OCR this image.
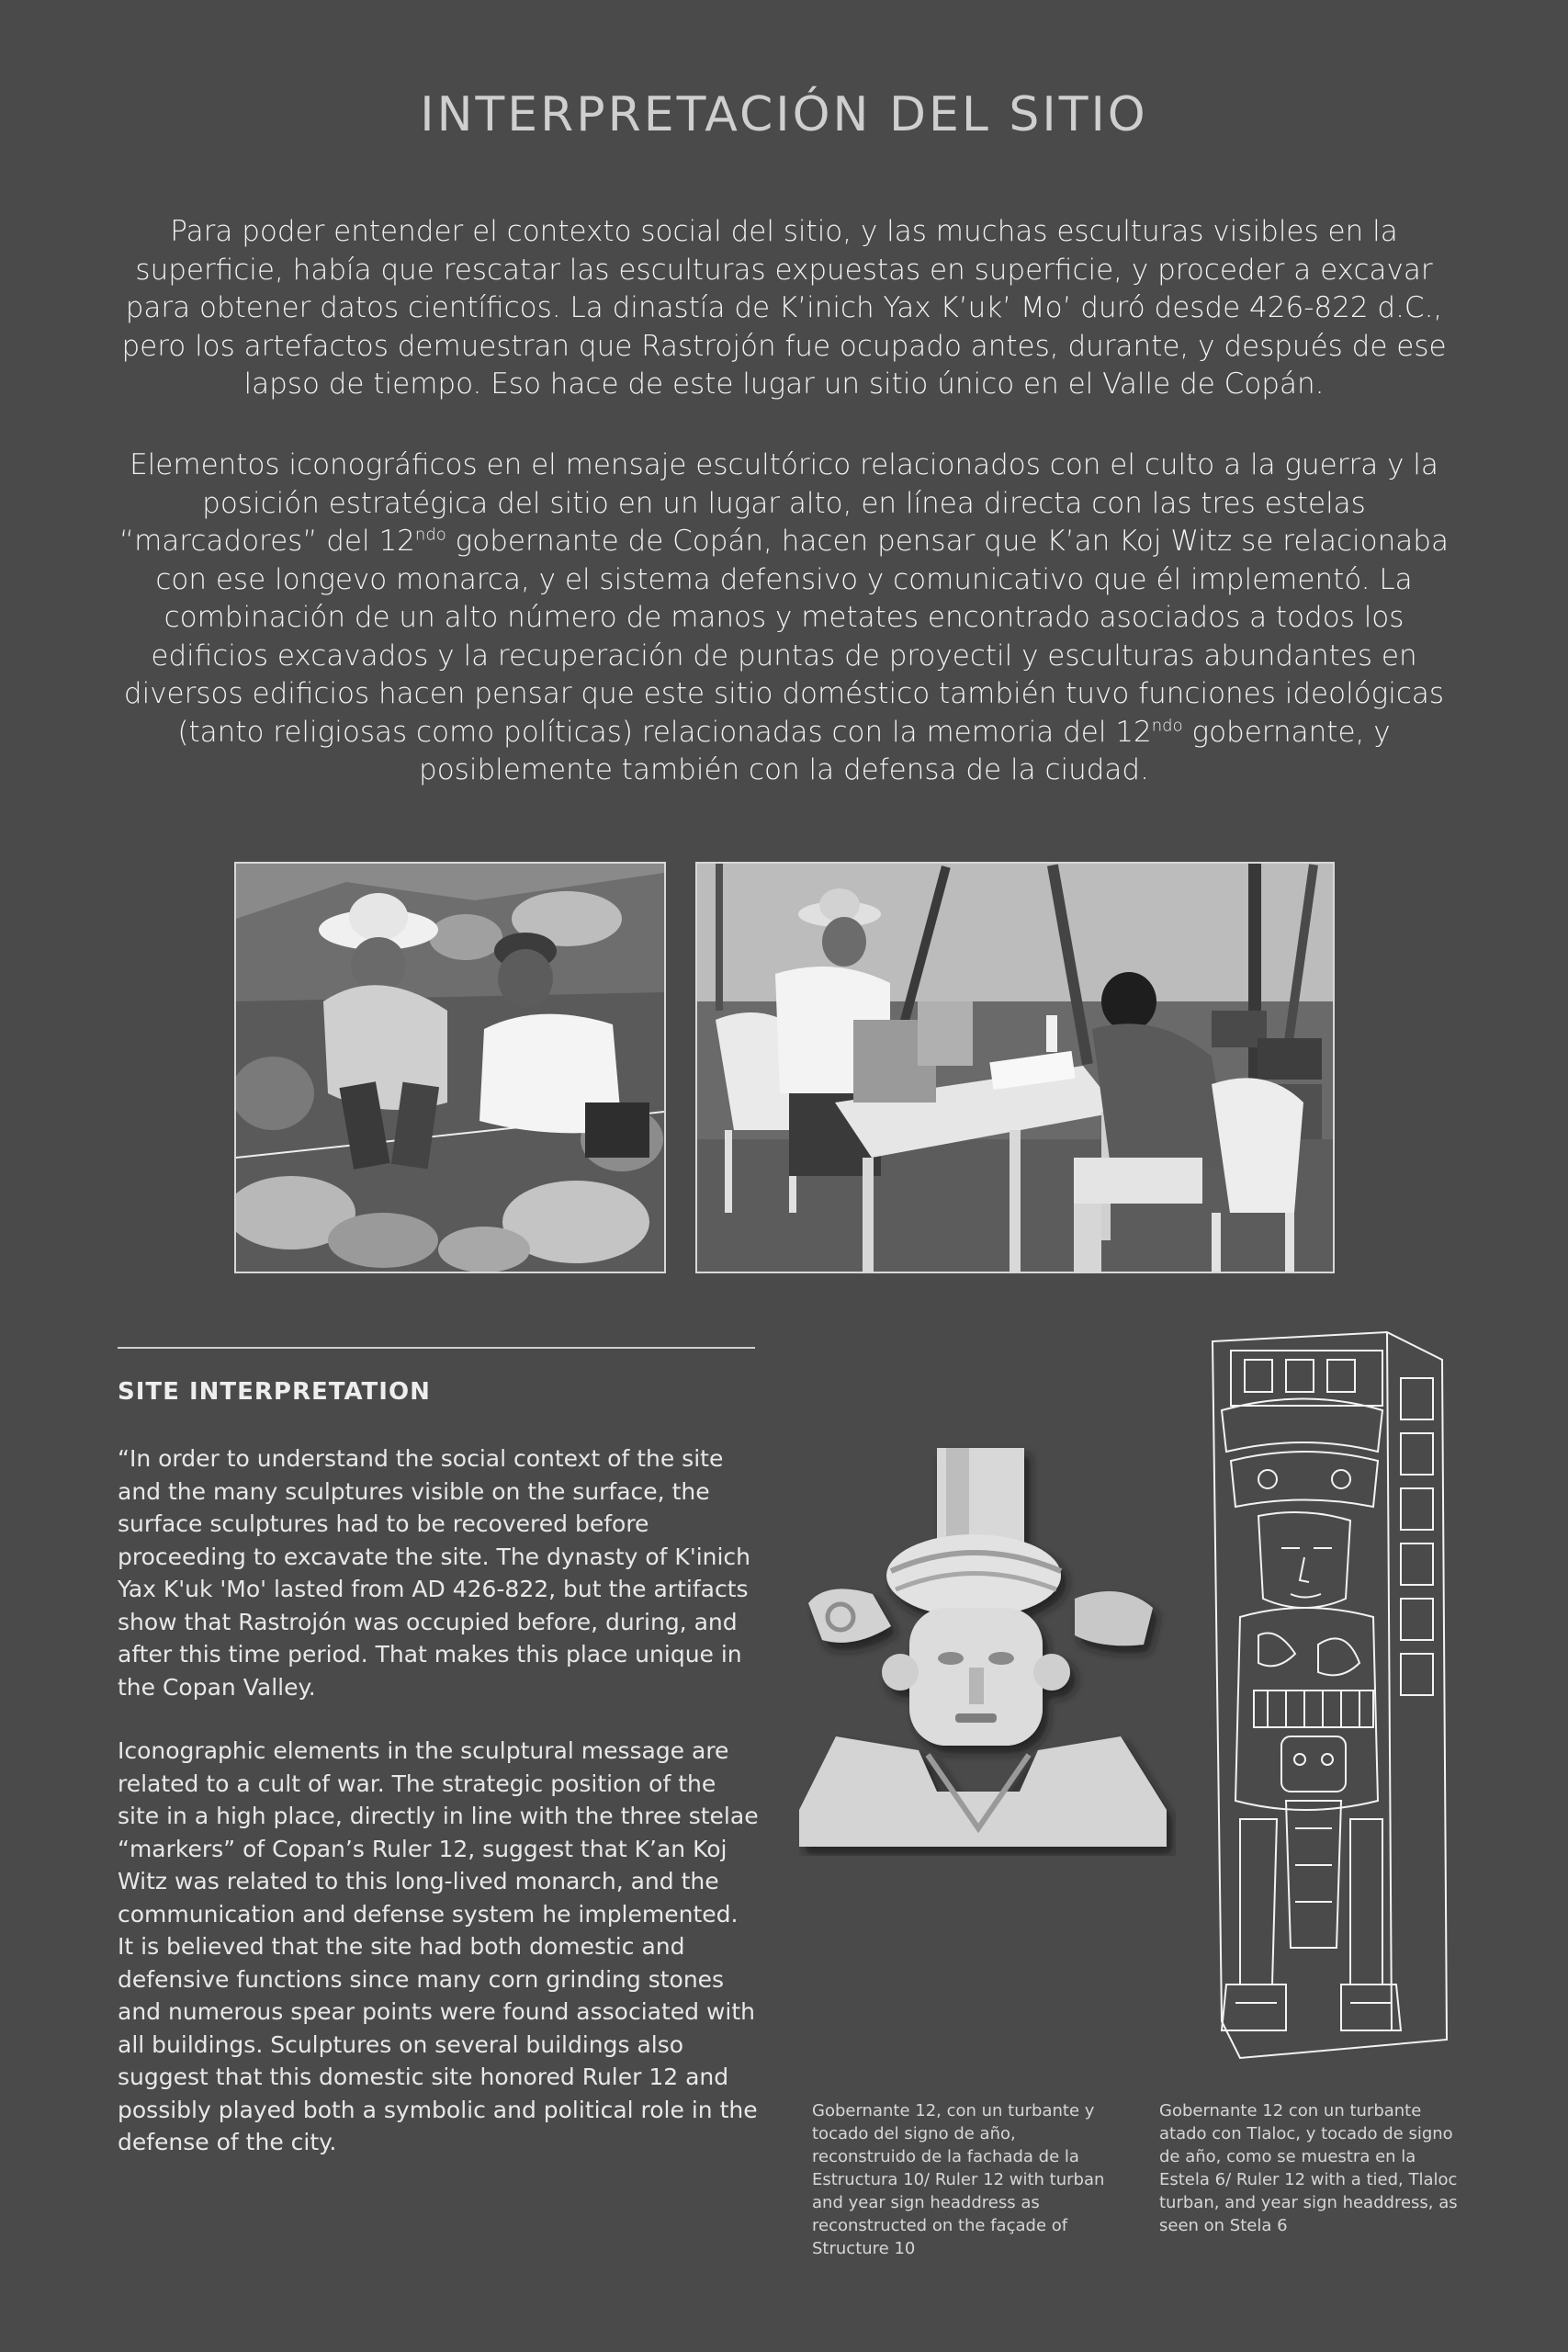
INTERPRETACIÓN DEL SITIO

Para poder entender el contexto social del sitio, y las muchas esculturas visibles en la superficie, había que rescatar las esculturas expuestas en superficie, y proceder a excavar para obtener datos científicos. La dinastía de K’inich Yax K’uk’ Mo’ duró desde 426-822 d.C., pero los artefactos demuestran que Rastrojón fue ocupado antes, durante, y después de ese lapso de tiempo. Eso hace de este lugar un sitio único en el Valle de Copán.

Elementos iconográficos en el mensaje escultórico relacionados con el culto a la guerra y la posición estratégica del sitio en un lugar alto, en línea directa con las tres estelas “marcadores” del $12^{ndo}$ gobernante de Copán, hacen pensar que K’an Koj Witz se relacionaba con ese longevo monarca, y el sistema defensivo y comunicativo que él implementó. La combinación de un alto número de manos y metates encontrado asociados a todos los edificios excavados y la recuperación de puntas de proyectil y esculturas abundantes en diversos edificios hacen pensar que este sitio doméstico también tuvo funciones ideológicas (tanto religiosas como políticas) relacionadas con la memoria del $12^{ndo}$ gobernante, y posiblemente también con la defensa de la ciudad.

SITE INTERPRETATION

“In order to understand the social context of the site and the many sculptures visible on the surface, the surface sculptures had to be recovered before proceeding to excavate the site. The dynasty of K'inich Yax K'uk 'Mo' lasted from AD 426-822, but the artifacts show that Rastrojón was occupied before, during, and after this time period. That makes this place unique in the Copan Valley.

Iconographic elements in the sculptural message are related to a cult of war. The strategic position of the site in a high place, directly in line with the three stelae “markers” of Copan’s Ruler 12, suggest that K’an Koj Witz was related to this long-lived monarch, and the communication and defense system he implemented. It is believed that the site had both domestic and defensive functions since many corn grinding stones and numerous spear points were found associated with all buildings. Sculptures on several buildings also suggest that this domestic site honored Ruler 12 and possibly played both a symbolic and political role in the defense of the city.

Gobernante 12, con un turbante y tocado del signo de año, reconstruido de la fachada de la Estructura 10/ Ruler 12 with turban and year sign headdress as reconstructed on the façade of Structure 10

Gobernante 12 con un turbante atado con Tlaloc, y tocado de signo de año, como se muestra en la Estela 6/ Ruler 12 with a tied, Tlaloc turban, and year sign headdress, as seen on Stela 6
